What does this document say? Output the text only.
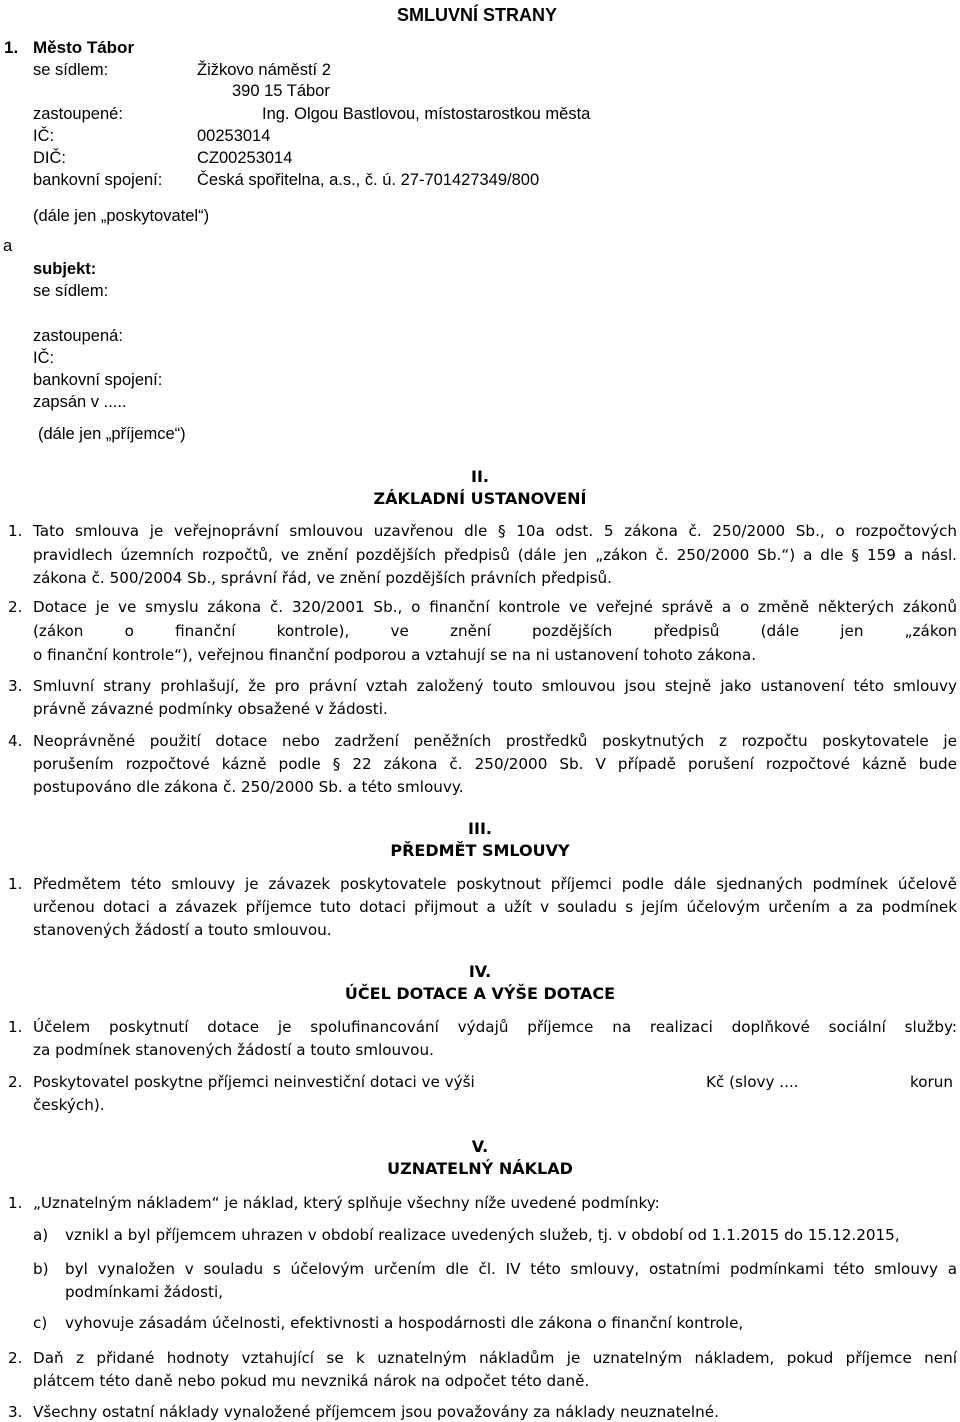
SMLUVNÍ STRANY
1. Město Tábor
se sídlem:	Žižkovo náměstí 2
390 15 Tábor
zastoupené:	Ing. Olgou Bastlovou, místostarostkou města
IČ:	00253014
DIČ:	CZ00253014
bankovní spojení: Česká spořitelna, a.s., č. ú. 27-701427349/800
(dále jen „poskytovatel“)
a
subjekt:
se sídlem:
zastoupená:
IČ:
bankovní spojení:
zapsán v .....
(dále jen „příjemce“)
II.
ZÁKLADNÍ USTANOVENÍ
1. Tato smlouva je veřejnoprávní smlouvou uzavřenou dle § 10a odst. 5 zákona č. 250/2000 Sb., o rozpočtových
pravidlech územních rozpočtů, ve znění pozdějších předpisů (dále jen „zákon č. 250/2000 Sb.“) a dle § 159 a násl.
zákona č. 500/2004 Sb., správní řád, ve znění pozdějších právních předpisů.
2. Dotace je ve smyslu zákona č. 320/2001 Sb., o finanční kontrole ve veřejné správě a o změně některých zákonů
(zákon o finanční kontrole), ve znění pozdějších předpisů (dále jen „zákon
o finanční kontrole“), veřejnou finanční podporou a vztahují se na ni ustanovení tohoto zákona.
3. Smluvní strany prohlašují, že pro právní vztah založený touto smlouvou jsou stejně jako ustanovení této smlouvy
právně závazné podmínky obsažené v žádosti.
4. Neoprávněné použití dotace nebo zadržení peněžních prostředků poskytnutých z rozpočtu poskytovatele je
porušením rozpočtové kázně podle § 22 zákona č. 250/2000 Sb. V případě porušení rozpočtové kázně bude
postupováno dle zákona č. 250/2000 Sb. a této smlouvy.
III.
PŘEDMĚT SMLOUVY
1. Předmětem této smlouvy je závazek poskytovatele poskytnout příjemci podle dále sjednaných podmínek účelově
určenou dotaci a závazek příjemce tuto dotaci přijmout a užít v souladu s jejím účelovým určením a za podmínek
stanovených žádostí a touto smlouvou.
IV.
ÚČEL DOTACE A VÝŠE DOTACE
1. Účelem poskytnutí dotace je spolufinancování výdajů příjemce na realizaci doplňkové sociální služby:
za podmínek stanovených žádostí a touto smlouvou.
2. Poskytovatel poskytne příjemci neinvestiční dotaci ve výši	Kč (slovy ....	korun
českých).
V.
UZNATELNÝ NÁKLAD
1. „Uznatelným nákladem“ je náklad, který splňuje všechny níže uvedené podmínky:
a) vznikl a byl příjemcem uhrazen v období realizace uvedených služeb, tj. v období od 1.1.2015 do 15.12.2015,
b) byl vynaložen v souladu s účelovým určením dle čl. IV této smlouvy, ostatními podmínkami této smlouvy a
podmínkami žádosti,
c) vyhovuje zásadám účelnosti, efektivnosti a hospodárnosti dle zákona o finanční kontrole,
2. Daň z přidané hodnoty vztahující se k uznatelným nákladům je uznatelným nákladem, pokud příjemce není
plátcem této daně nebo pokud mu nevzniká nárok na odpočet této daně.
3. Všechny ostatní náklady vynaložené příjemcem jsou považovány za náklady neuznatelné.
